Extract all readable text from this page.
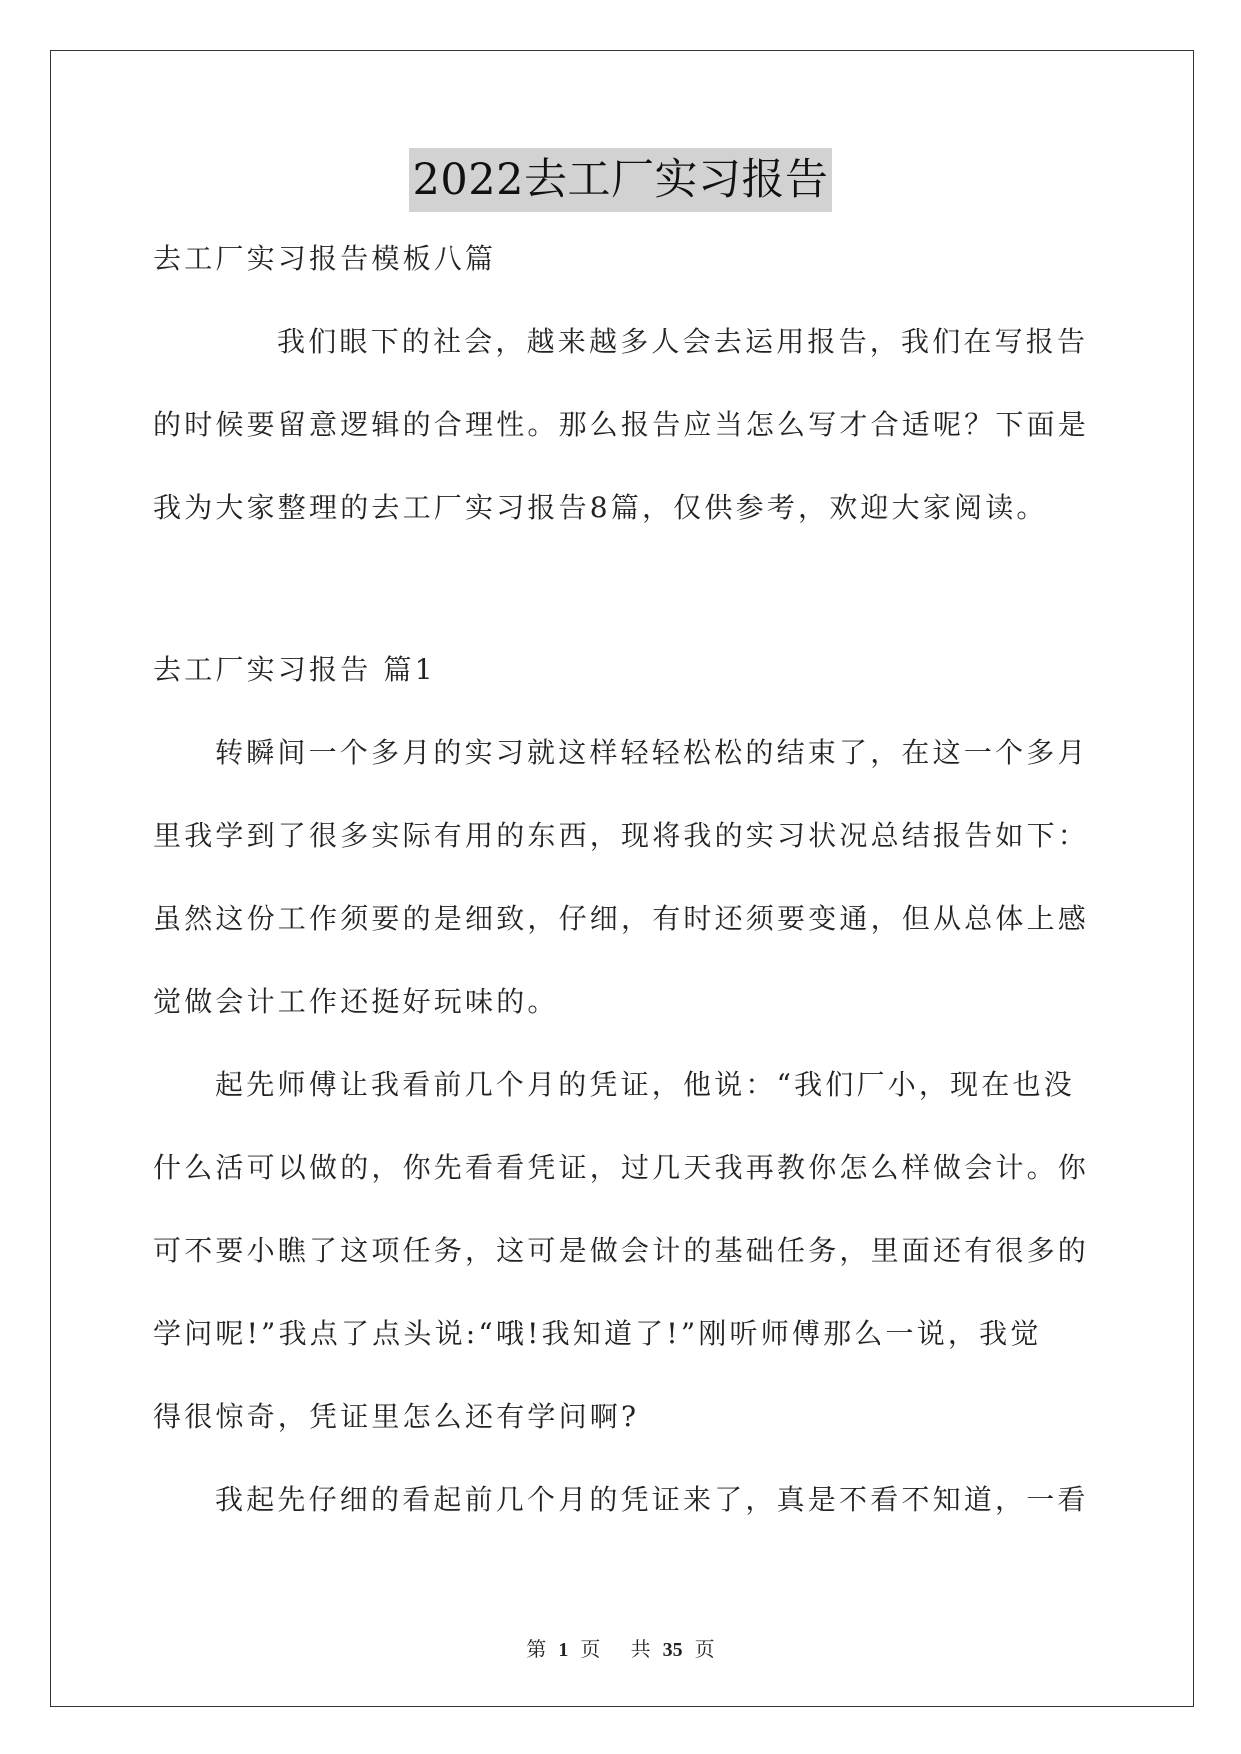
2022去工厂实习报告

去工厂实习报告模板八篇

我们眼下的社会，越来越多人会去运用报告，我们在写报告

的时候要留意逻辑的合理性。那么报告应当怎么写才合适呢？下面是

我为大家整理的去工厂实习报告8篇，仅供参考，欢迎大家阅读。

去工厂实习报告 篇1

转瞬间一个多月的实习就这样轻轻松松的结束了，在这一个多月

里我学到了很多实际有用的东西，现将我的实习状况总结报告如下：

虽然这份工作须要的是细致，仔细，有时还须要变通，但从总体上感

觉做会计工作还挺好玩味的。

起先师傅让我看前几个月的凭证，他说：“我们厂小，现在也没

什么活可以做的，你先看看凭证，过几天我再教你怎么样做会计。你

可不要小瞧了这项任务，这可是做会计的基础任务，里面还有很多的

学问呢!”我点了点头说:“哦!我知道了!”刚听师傅那么一说，我觉

得很惊奇，凭证里怎么还有学问啊?

我起先仔细的看起前几个月的凭证来了，真是不看不知道，一看

第 1 页 共 35 页
